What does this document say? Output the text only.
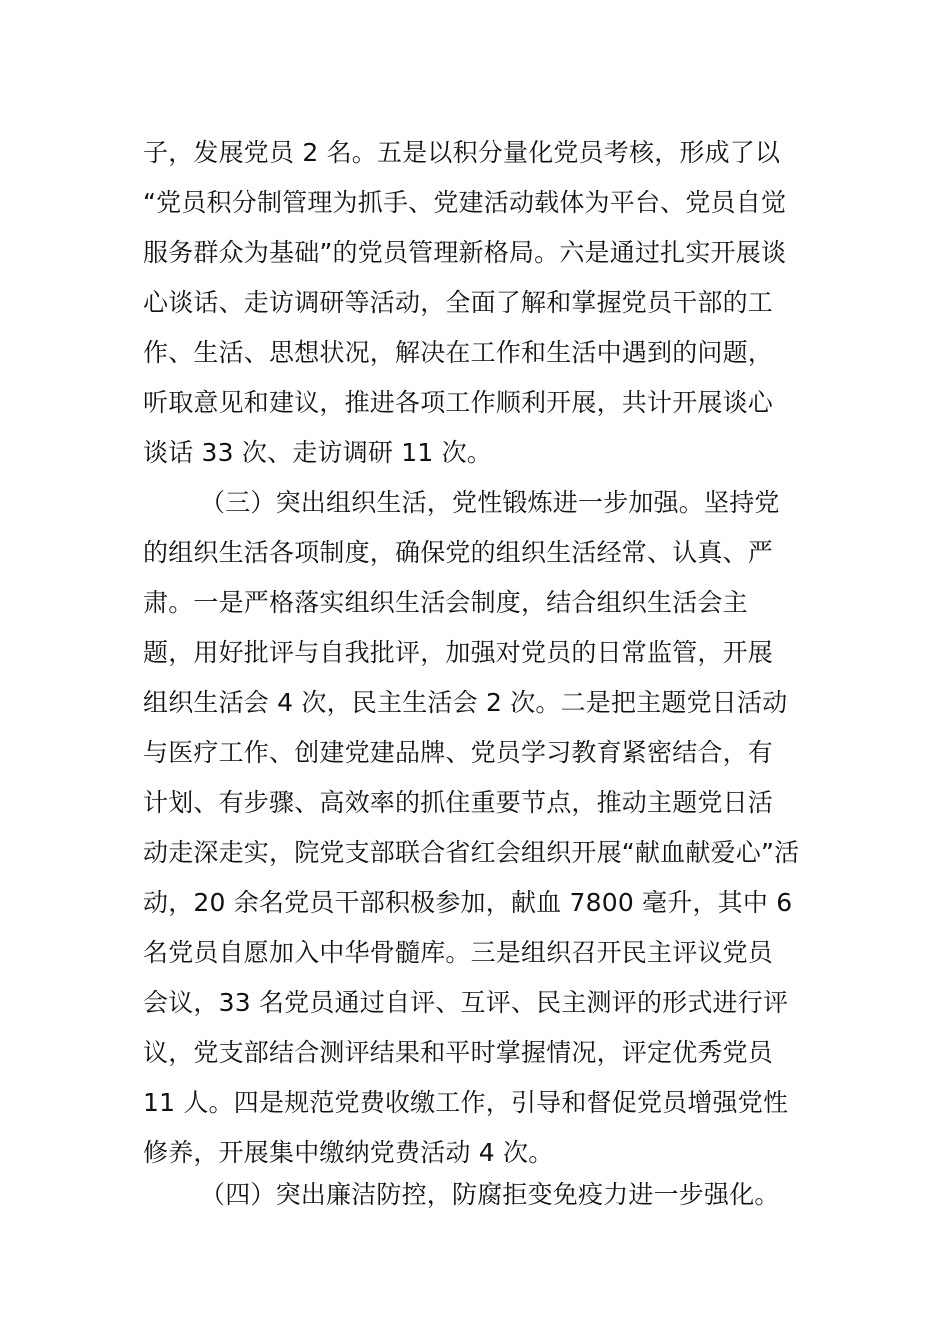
子，发展党员 2 名。五是以积分量化党员考核，形成了以
“党员积分制管理为抓手、党建活动载体为平台、党员自觉
服务群众为基础”的党员管理新格局。六是通过扎实开展谈
心谈话、走访调研等活动，全面了解和掌握党员干部的工
作、生活、思想状况，解决在工作和生活中遇到的问题，
听取意见和建议，推进各项工作顺利开展，共计开展谈心
谈话 33 次、走访调研 11 次。
（三）突出组织生活，党性锻炼进一步加强。坚持党
的组织生活各项制度，确保党的组织生活经常、认真、严
肃。一是严格落实组织生活会制度，结合组织生活会主
题，用好批评与自我批评，加强对党员的日常监管，开展
组织生活会 4 次，民主生活会 2 次。二是把主题党日活动
与医疗工作、创建党建品牌、党员学习教育紧密结合，有
计划、有步骤、高效率的抓住重要节点，推动主题党日活
动走深走实，院党支部联合省红会组织开展“献血献爱心”活
动，20 余名党员干部积极参加，献血 7800 毫升，其中 6
名党员自愿加入中华骨髓库。三是组织召开民主评议党员
会议，33 名党员通过自评、互评、民主测评的形式进行评
议，党支部结合测评结果和平时掌握情况，评定优秀党员
11 人。四是规范党费收缴工作，引导和督促党员增强党性
修养，开展集中缴纳党费活动 4 次。
（四）突出廉洁防控，防腐拒变免疫力进一步强化。
